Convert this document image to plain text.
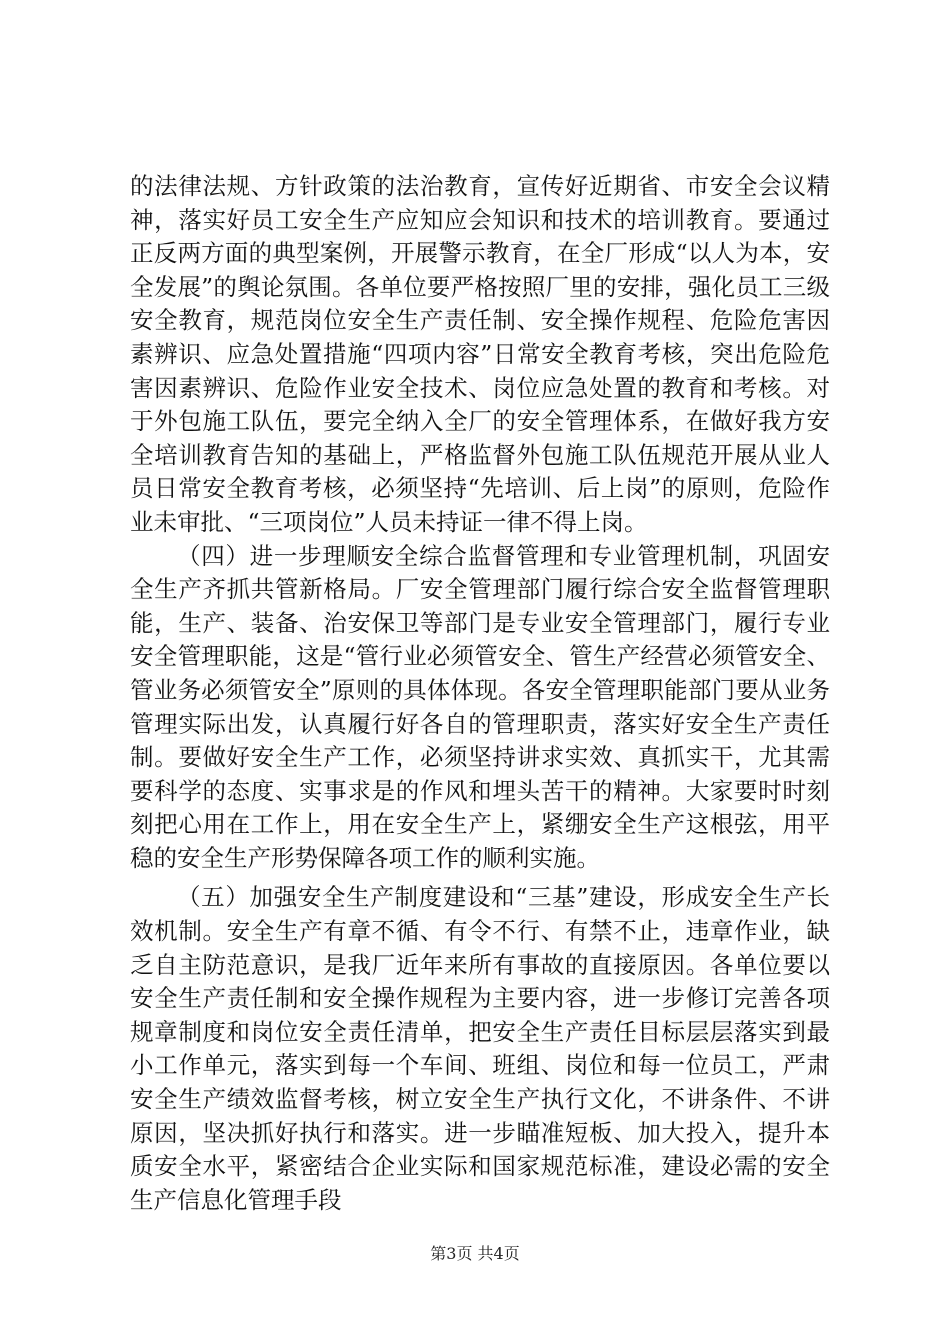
的法律法规、方针政策的法治教育，宣传好近期省、市安全会议精神，落实好员工安全生产应知应会知识和技术的培训教育。要通过正反两方面的典型案例，开展警示教育，在全厂形成“以人为本，安全发展”的舆论氛围。各单位要严格按照厂里的安排，强化员工三级安全教育，规范岗位安全生产责任制、安全操作规程、危险危害因素辨识、应急处置措施“四项内容”日常安全教育考核，突出危险危害因素辨识、危险作业安全技术、岗位应急处置的教育和考核。对于外包施工队伍，要完全纳入全厂的安全管理体系，在做好我方安全培训教育告知的基础上，严格监督外包施工队伍规范开展从业人员日常安全教育考核，必须坚持“先培训、后上岗”的原则，危险作业未审批、“三项岗位”人员未持证一律不得上岗。

（四）进一步理顺安全综合监督管理和专业管理机制，巩固安全生产齐抓共管新格局。厂安全管理部门履行综合安全监督管理职能，生产、装备、治安保卫等部门是专业安全管理部门，履行专业安全管理职能，这是“管行业必须管安全、管生产经营必须管安全、管业务必须管安全”原则的具体体现。各安全管理职能部门要从业务管理实际出发，认真履行好各自的管理职责，落实好安全生产责任制。要做好安全生产工作，必须坚持讲求实效、真抓实干，尤其需要科学的态度、实事求是的作风和埋头苦干的精神。大家要时时刻刻把心用在工作上，用在安全生产上，紧绷安全生产这根弦，用平稳的安全生产形势保障各项工作的顺利实施。

（五）加强安全生产制度建设和“三基”建设，形成安全生产长效机制。安全生产有章不循、有令不行、有禁不止，违章作业，缺乏自主防范意识，是我厂近年来所有事故的直接原因。各单位要以安全生产责任制和安全操作规程为主要内容，进一步修订完善各项规章制度和岗位安全责任清单，把安全生产责任目标层层落实到最小工作单元，落实到每一个车间、班组、岗位和每一位员工，严肃安全生产绩效监督考核，树立安全生产执行文化，不讲条件、不讲原因，坚决抓好执行和落实。进一步瞄准短板、加大投入，提升本质安全水平，紧密结合企业实际和国家规范标准，建设必需的安全生产信息化管理手段

第3页 共4页
